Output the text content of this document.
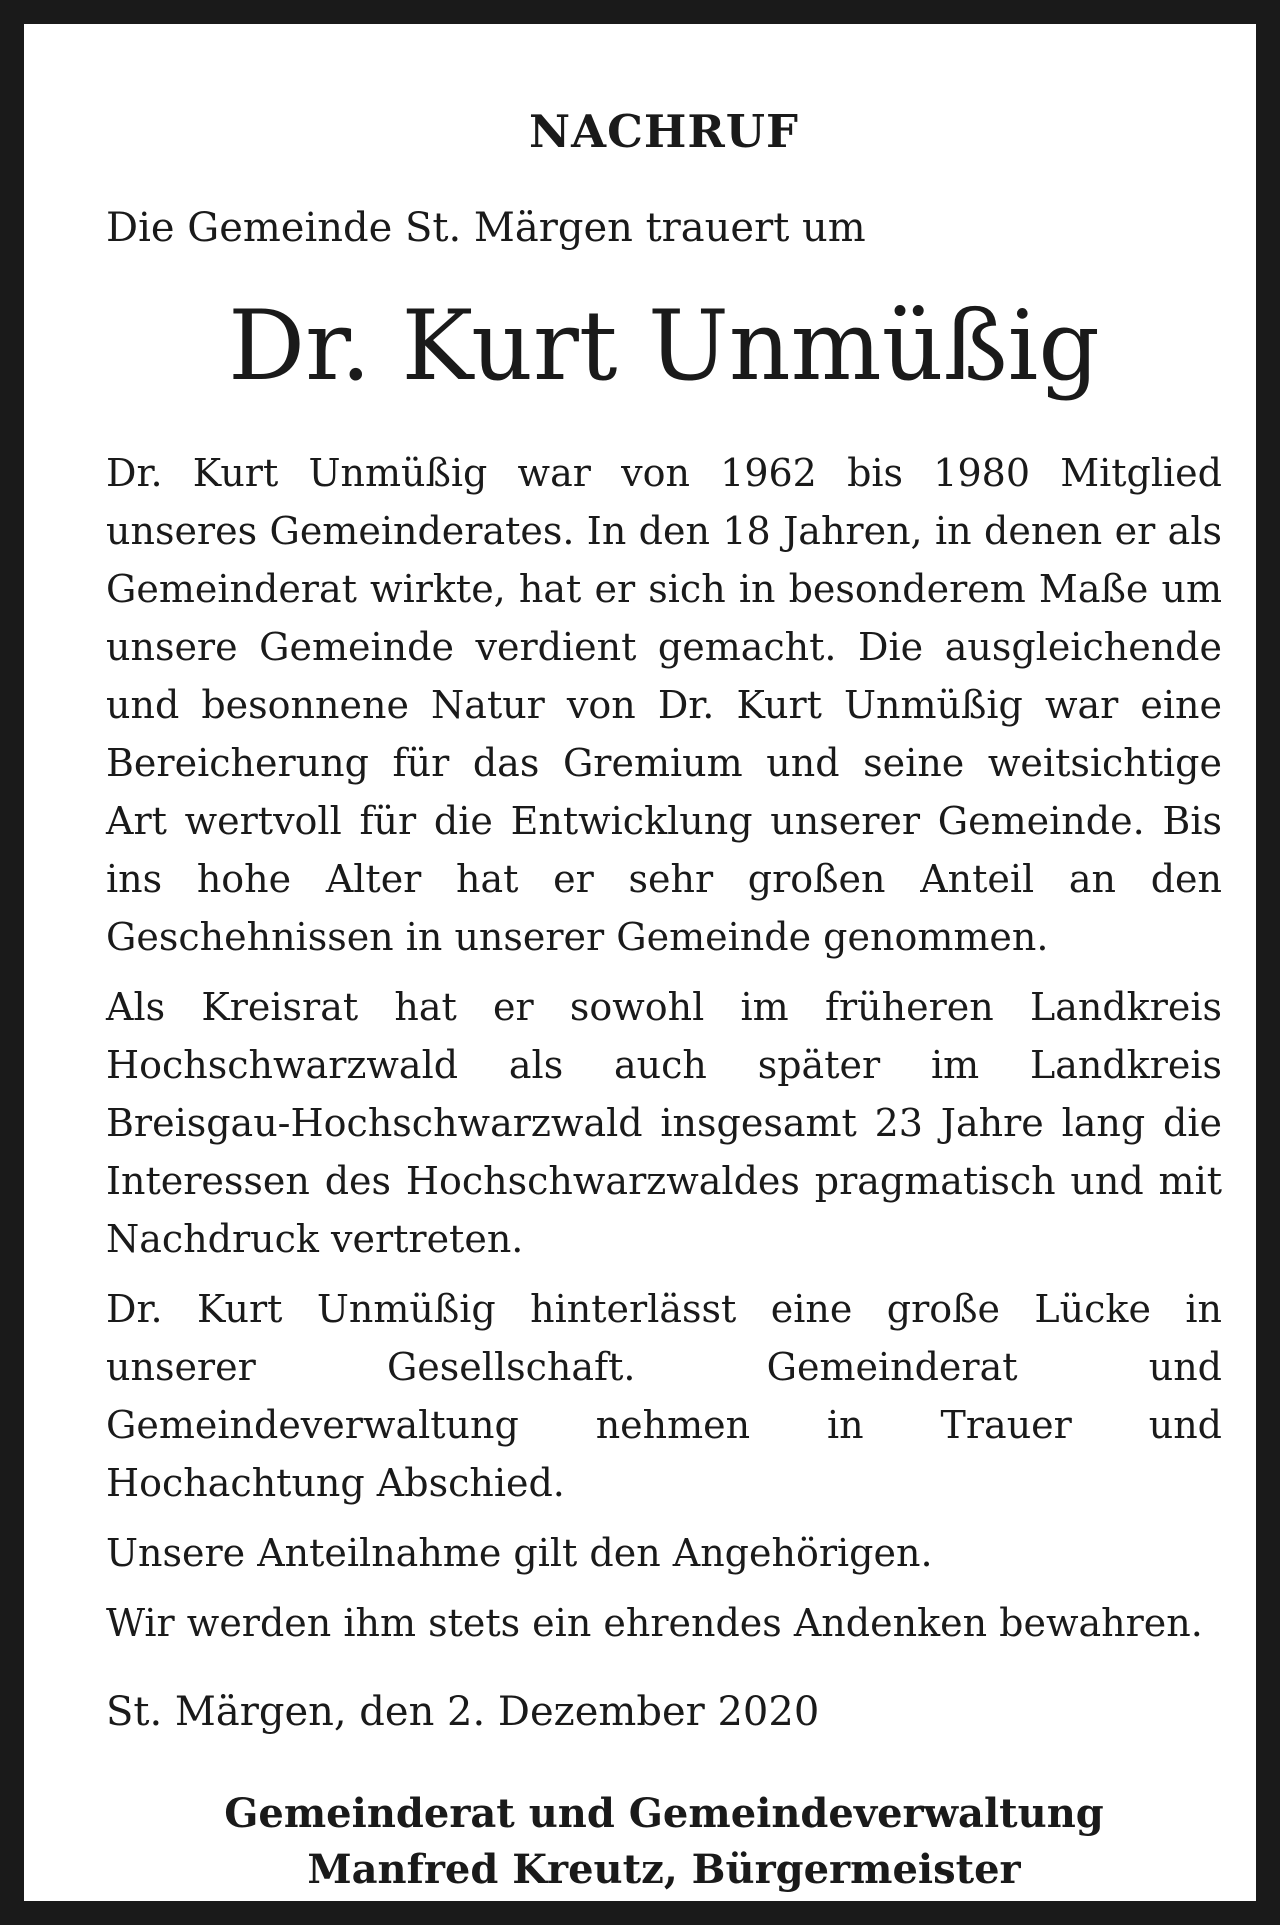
NACHRUF

Die Gemeinde St. Märgen trauert um

Dr. Kurt Unmüßig

Dr. Kurt Unmüßig war von 1962 bis 1980 Mitglied unseres Gemeinderates. In den 18 Jahren, in denen er als Gemeinderat wirkte, hat er sich in besonderem Maße um unsere Gemeinde verdient gemacht. Die ausgleichende und besonnene Natur von Dr. Kurt Unmüßig war eine Bereicherung für das Gremium und seine weitsichtige Art wertvoll für die Entwicklung unserer Gemeinde. Bis ins hohe Alter hat er sehr großen Anteil an den Geschehnissen in unserer Gemeinde genommen.

Als Kreisrat hat er sowohl im früheren Landkreis Hochschwarzwald als auch später im Landkreis Breisgau-Hochschwarzwald insgesamt 23 Jahre lang die Interessen des Hochschwarzwaldes pragmatisch und mit Nachdruck vertreten.

Dr. Kurt Unmüßig hinterlässt eine große Lücke in unserer Gesellschaft. Gemeinderat und Gemeindeverwaltung nehmen in Trauer und Hochachtung Abschied.

Unsere Anteilnahme gilt den Angehörigen.

Wir werden ihm stets ein ehrendes Andenken bewahren.

St. Märgen, den 2. Dezember 2020

Gemeinderat und Gemeindeverwaltung
Manfred Kreutz, Bürgermeister
